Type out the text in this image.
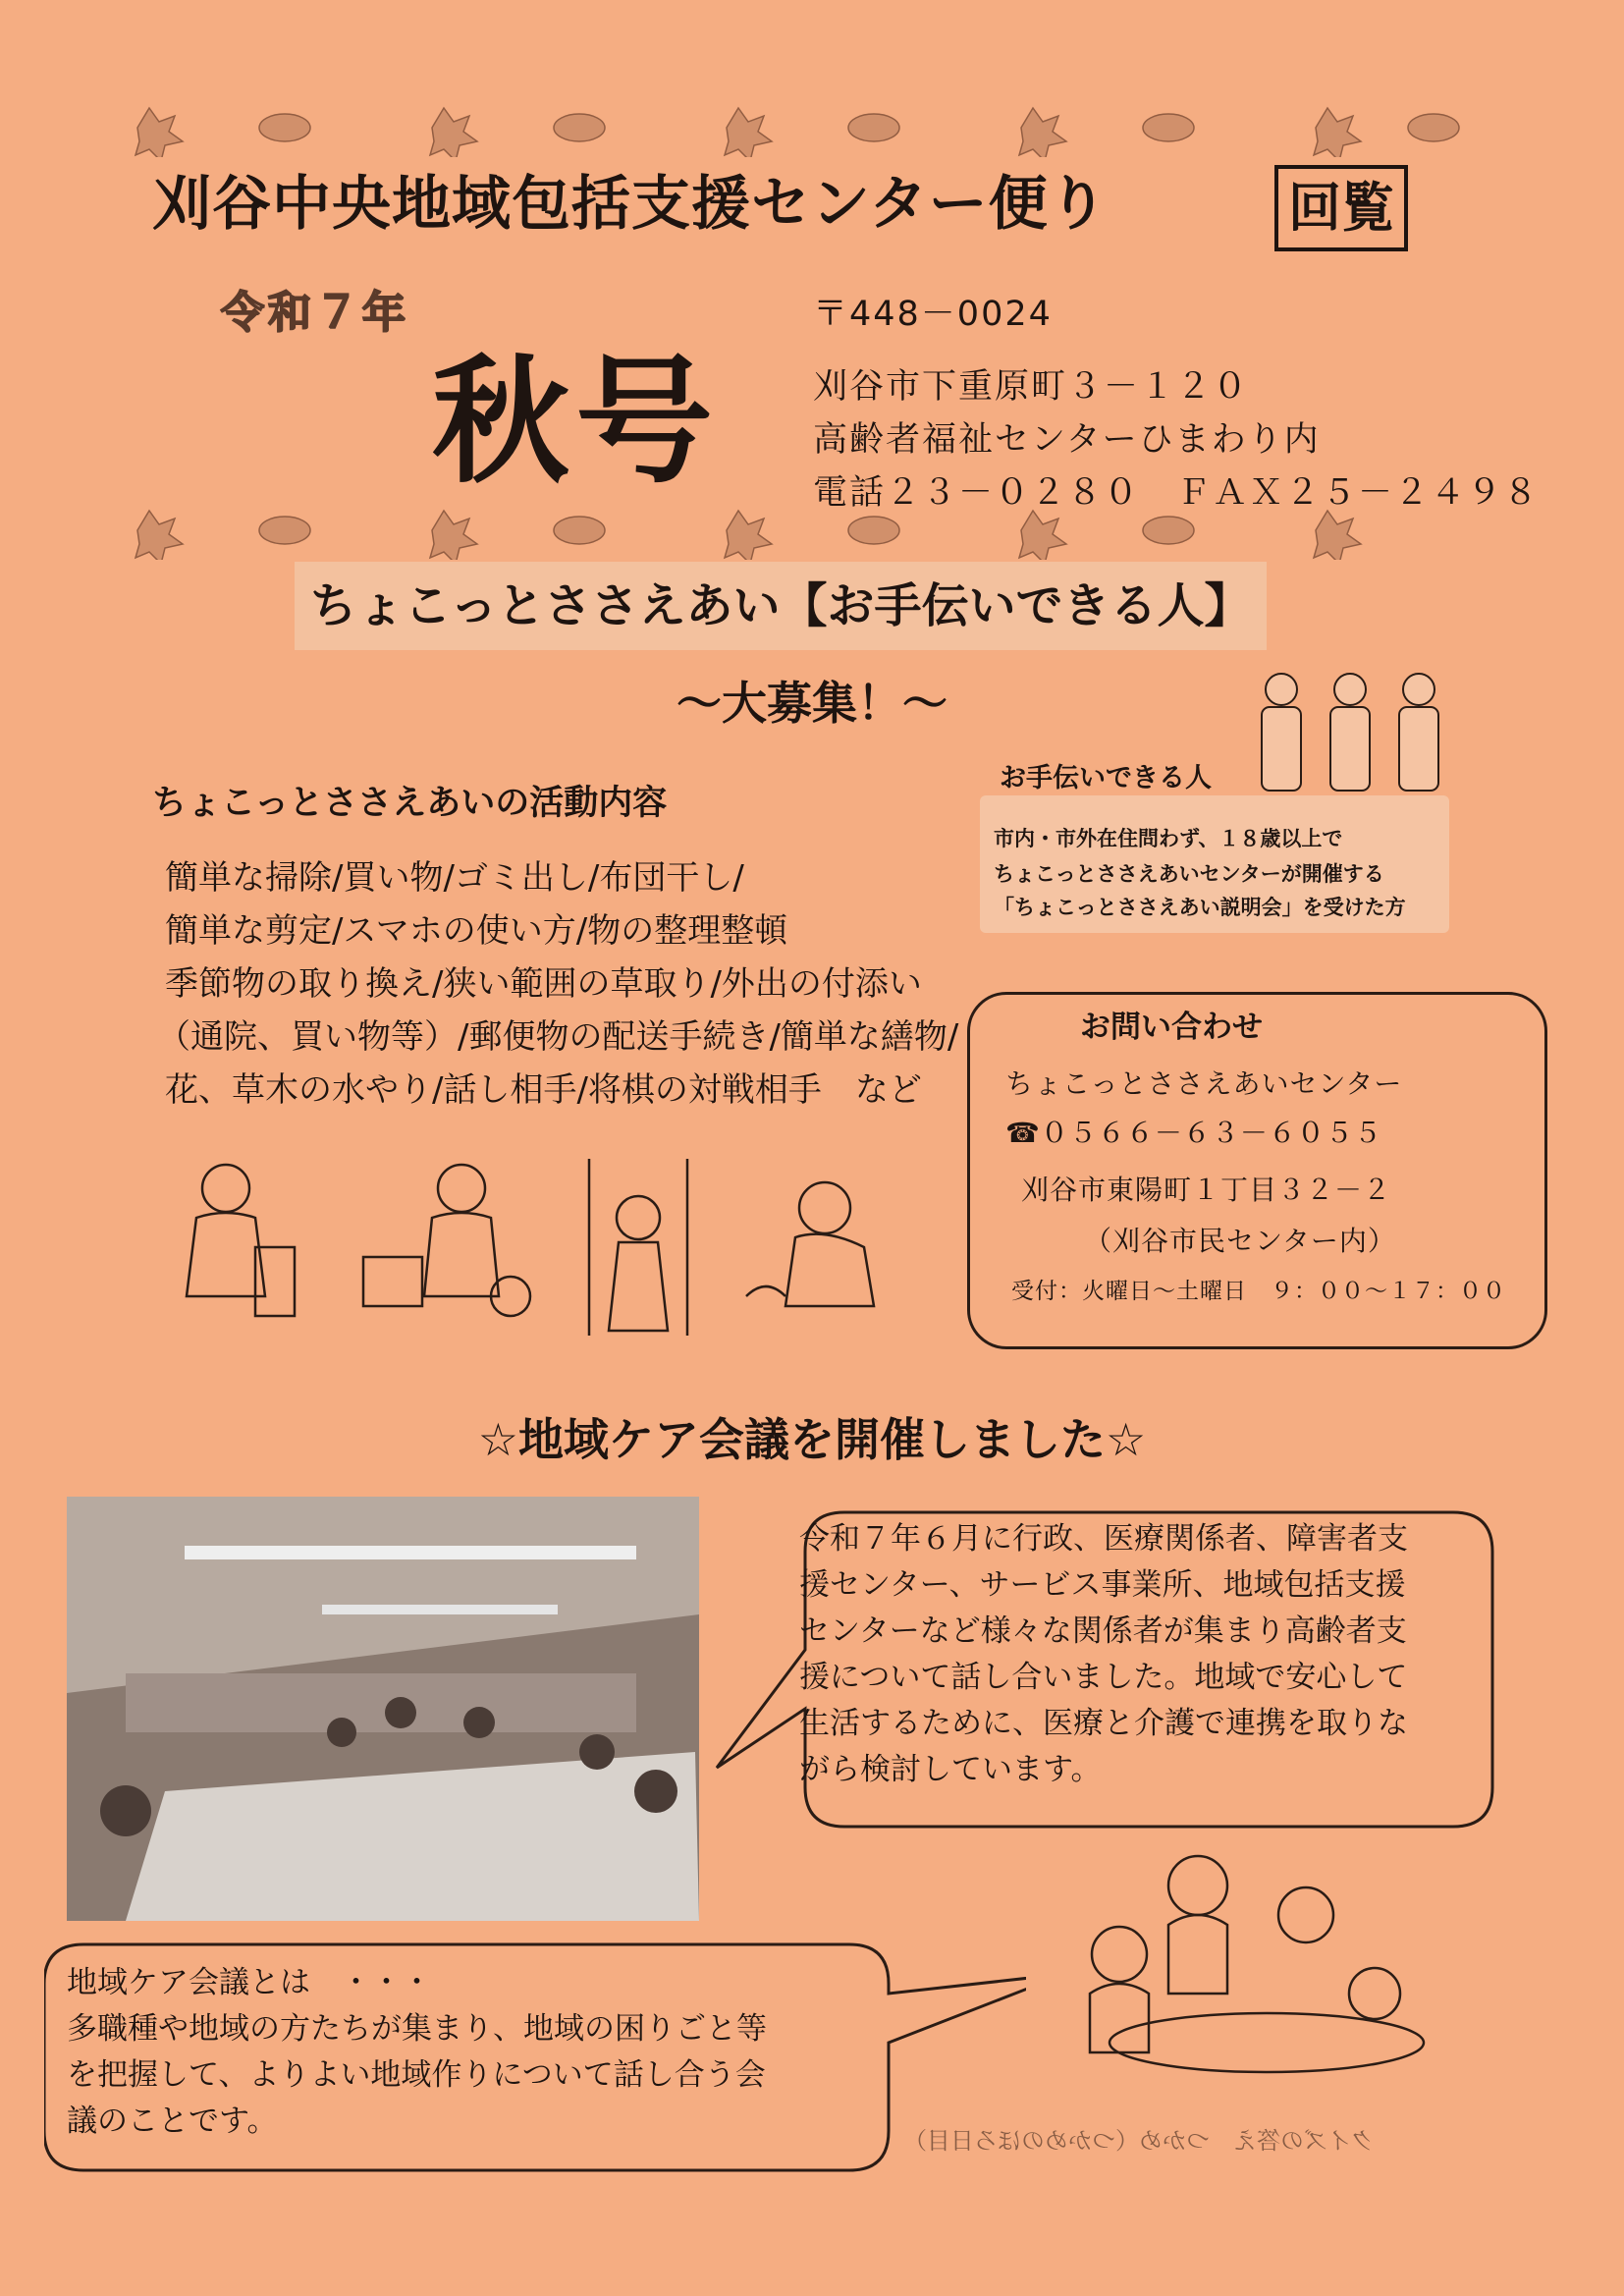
刈谷中央地域包括支援センター便り	回覧
令和７年
秋号
〒448－0024
刈谷市下重原町３－１２０
高齢者福祉センターひまわり内
電話２３－０２８０　ＦＡＸ２５－２４９８
ちょこっとささえあい【お手伝いできる人】
～大募集！～
ちょこっとささえあいの活動内容
簡単な掃除/買い物/ゴミ出し/布団干し/
簡単な剪定/スマホの使い方/物の整理整頓
季節物の取り換え/狭い範囲の草取り/外出の付添い
（通院、買い物等）/郵便物の配送手続き/簡単な繕物/
花、草木の水やり/話し相手/将棋の対戦相手　など
お手伝いできる人
市内・市外在住問わず、１８歳以上で
ちょこっとささえあいセンターが開催する
「ちょこっとささえあい説明会」を受けた方
お問い合わせ
ちょこっとささえあいセンター
☎０５６６－６３－６０５５
刈谷市東陽町１丁目３２－２
（刈谷市民センター内）
受付：火曜日～土曜日　９：００～１７：００
☆地域ケア会議を開催しました☆
令和７年６月に行政、医療関係者、障害者支
援センター、サービス事業所、地域包括支援
センターなど様々な関係者が集まり高齢者支
援について話し合いました。地域で安心して
生活するために、医療と介護で連携を取りな
がら検討しています。
地域ケア会議とは　・・・
多職種や地域の方たちが集まり、地域の困りごと等
を把握して、よりよい地域作りについて話し合う会
議のことです。
クイズの答え　つかめ（つかめのほろ日目）
